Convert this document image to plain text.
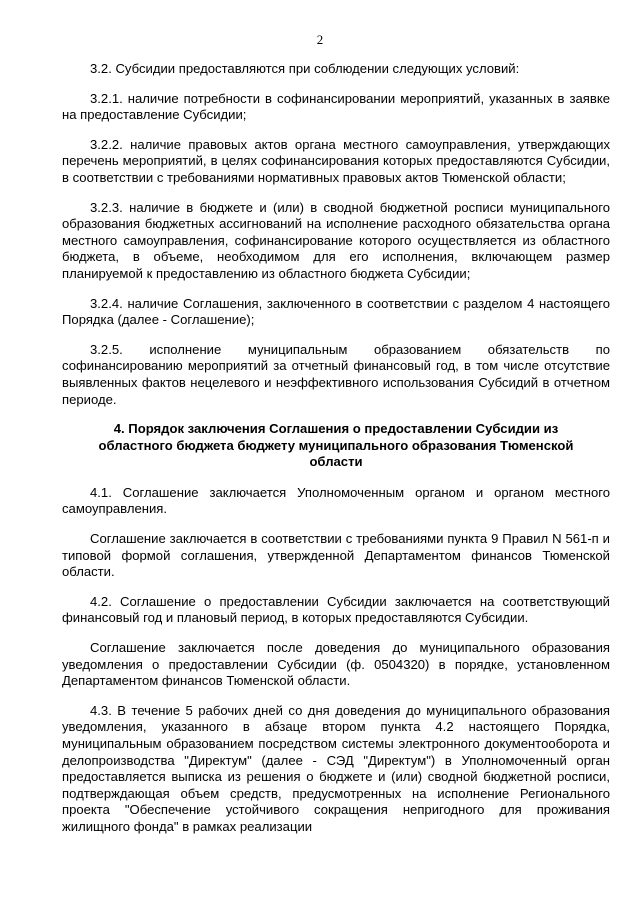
2

3.2. Субсидии предоставляются при соблюдении следующих условий:

3.2.1. наличие потребности в софинансировании мероприятий, указанных в заявке на предоставление Субсидии;

3.2.2. наличие правовых актов органа местного самоуправления, утверждающих перечень мероприятий, в целях софинансирования которых предоставляются Субсидии, в соответствии с требованиями нормативных правовых актов Тюменской области;

3.2.3. наличие в бюджете и (или) в сводной бюджетной росписи муниципального образования бюджетных ассигнований на исполнение расходного обязательства органа местного самоуправления, софинансирование которого осуществляется из областного бюджета, в объеме, необходимом для его исполнения, включающем размер планируемой к предоставлению из областного бюджета Субсидии;

3.2.4. наличие Соглашения, заключенного в соответствии с разделом 4 настоящего Порядка (далее - Соглашение);

3.2.5. исполнение муниципальным образованием обязательств по софинансированию мероприятий за отчетный финансовый год, в том числе отсутствие выявленных фактов нецелевого и неэффективного использования Субсидий в отчетном периоде.

4. Порядок заключения Соглашения о предоставлении Субсидии из областного бюджета бюджету муниципального образования Тюменской области

4.1. Соглашение заключается Уполномоченным органом и органом местного самоуправления.

Соглашение заключается в соответствии с требованиями пункта 9 Правил N 561-п и типовой формой соглашения, утвержденной Департаментом финансов Тюменской области.

4.2. Соглашение о предоставлении Субсидии заключается на соответствующий финансовый год и плановый период, в которых предоставляются Субсидии.

Соглашение заключается после доведения до муниципального образования уведомления о предоставлении Субсидии (ф. 0504320) в порядке, установленном Департаментом финансов Тюменской области.

4.3. В течение 5 рабочих дней со дня доведения до муниципального образования уведомления, указанного в абзаце втором пункта 4.2 настоящего Порядка, муниципальным образованием посредством системы электронного документооборота и делопроизводства "Директум" (далее - СЭД "Директум") в Уполномоченный орган предоставляется выписка из решения о бюджете и (или) сводной бюджетной росписи, подтверждающая объем средств, предусмотренных на исполнение Регионального проекта "Обеспечение устойчивого сокращения непригодного для проживания жилищного фонда" в рамках реализации
